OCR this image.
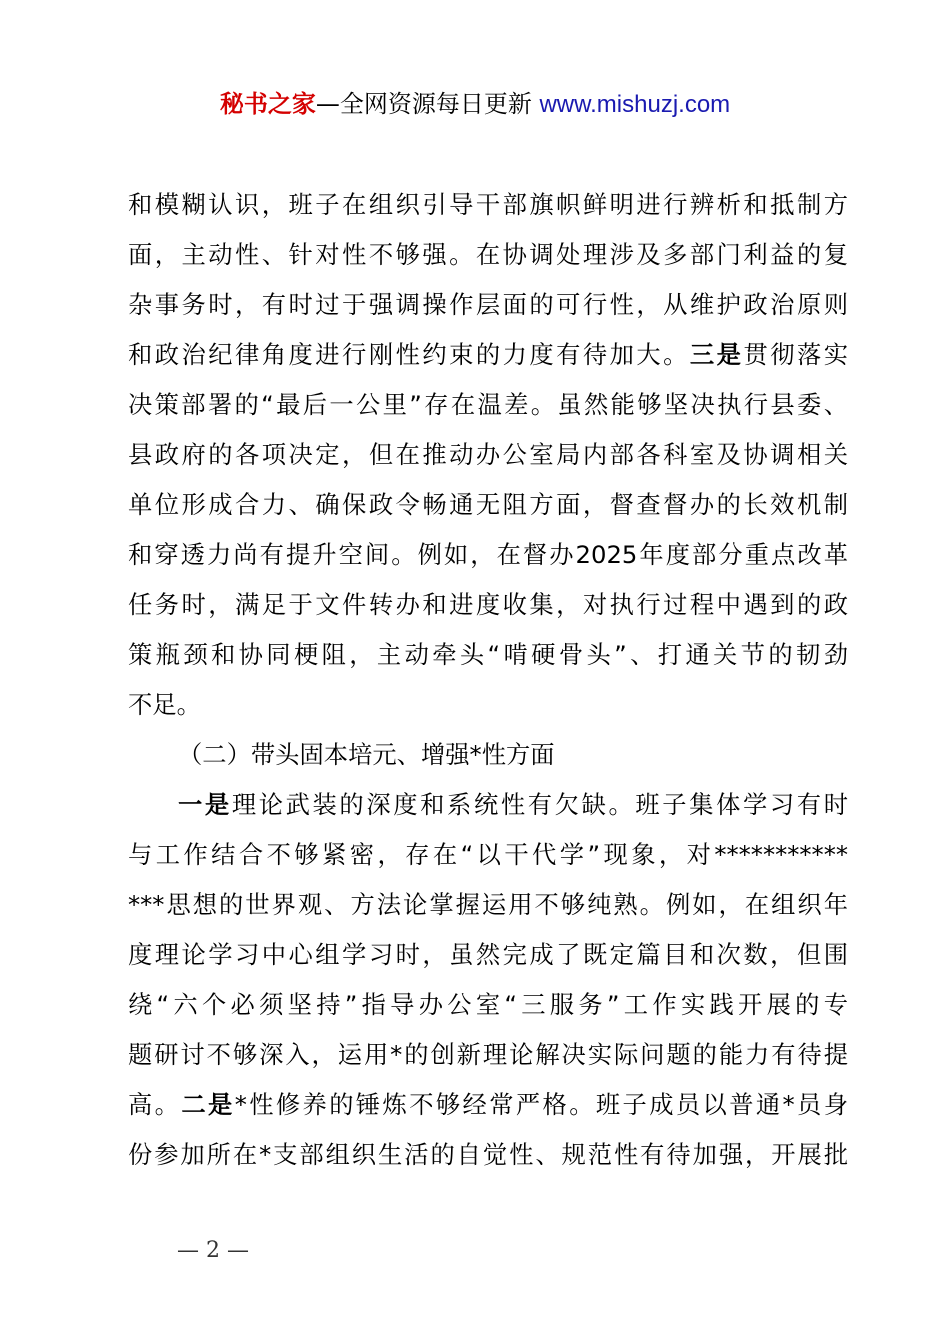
秘书之家—全网资源每日更新 www.mishuzj.com
和模糊认识，班子在组织引导干部旗帜鲜明进行辨析和抵制方
面，主动性、针对性不够强。在协调处理涉及多部门利益的复
杂事务时，有时过于强调操作层面的可行性，从维护政治原则
和政治纪律角度进行刚性约束的力度有待加大。三是贯彻落实
决策部署的“最后一公里”存在温差。虽然能够坚决执行县委、
县政府的各项决定，但在推动办公室局内部各科室及协调相关
单位形成合力、确保政令畅通无阻方面，督查督办的长效机制
和穿透力尚有提升空间。例如，在督办2025年度部分重点改革
任务时，满足于文件转办和进度收集，对执行过程中遇到的政
策瓶颈和协同梗阻，主动牵头“啃硬骨头”、打通关节的韧劲
不足。
（二）带头固本培元、增强*性方面
一是理论武装的深度和系统性有欠缺。班子集体学习有时
与工作结合不够紧密，存在“以干代学”现象，对***********
***思想的世界观、方法论掌握运用不够纯熟。例如，在组织年
度理论学习中心组学习时，虽然完成了既定篇目和次数，但围
绕“六个必须坚持”指导办公室“三服务”工作实践开展的专
题研讨不够深入，运用*的创新理论解决实际问题的能力有待提
高。二是*性修养的锤炼不够经常严格。班子成员以普通*员身
份参加所在*支部组织生活的自觉性、规范性有待加强，开展批
— 2 —
